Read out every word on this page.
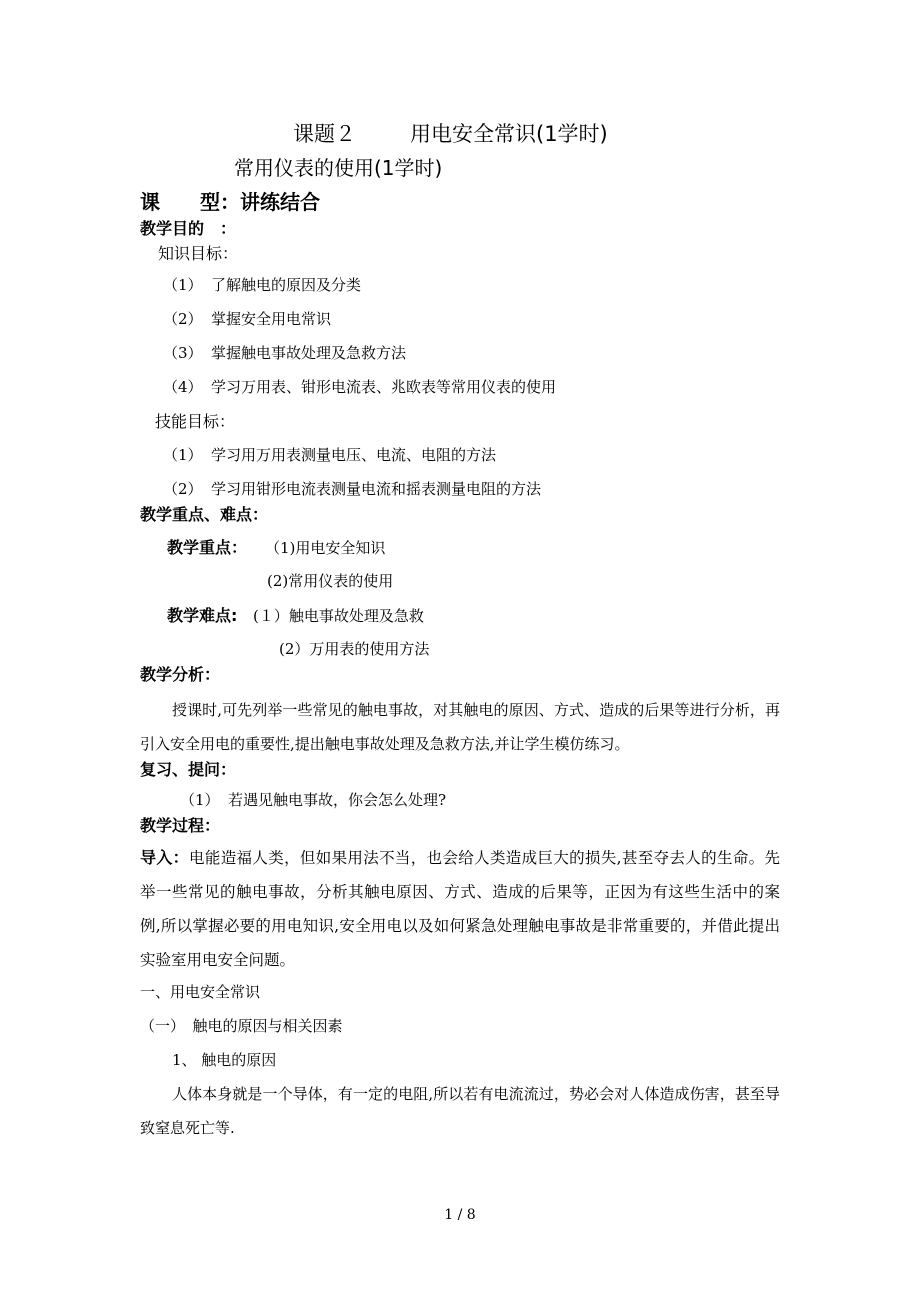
课题２	用电安全常识(1学时)
常用仪表的使用(1学时)
课　　型：讲练结合
教学目的　：
知识目标：
（1） 了解触电的原因及分类
（2） 掌握安全用电常识
（3） 掌握触电事故处理及急救方法
（4） 学习万用表、钳形电流表、兆欧表等常用仪表的使用
技能目标：
（1） 学习用万用表测量电压、电流、电阻的方法
（2） 学习用钳形电流表测量电流和摇表测量电阻的方法
教学重点、难点：
教学重点： （1)用电安全知识
(2)常用仪表的使用
教学难点: (１）触电事故处理及急救
(2）万用表的使用方法
教学分析：
授课时,可先列举一些常见的触电事故，对其触电的原因、方式、造成的后果等进行分析，再引入安全用电的重要性,提出触电事故处理及急救方法,并让学生模仿练习。
复习、提问：
（1） 若遇见触电事故，你会怎么处理?
教学过程：
导入：电能造福人类，但如果用法不当，也会给人类造成巨大的损失,甚至夺去人的生命。先举一些常见的触电事故，分析其触电原因、方式、造成的后果等，正因为有这些生活中的案例,所以掌握必要的用电知识,安全用电以及如何紧急处理触电事故是非常重要的，并借此提出实验室用电安全问题。
一、用电安全常识
（一）　触电的原因与相关因素
1、 触电的原因
人体本身就是一个导体，有一定的电阻,所以若有电流流过，势必会对人体造成伤害，甚至导致窒息死亡等.
1 / 8
